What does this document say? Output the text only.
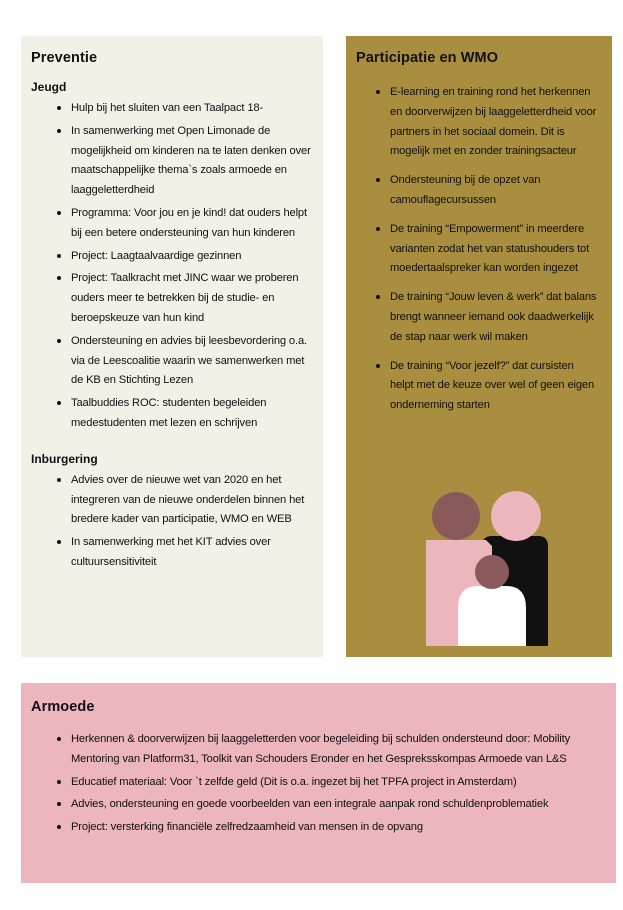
Preventie
Jeugd
• Hulp bij het sluiten van een Taalpact 18-
• In samenwerking met Open Limonade de mogelijkheid om kinderen na te laten denken over maatschappelijke thema`s zoals armoede en laaggeletterdheid
• Programma: Voor jou en je kind! dat ouders helpt bij een betere ondersteuning van hun kinderen
• Project: Laagtaalvaardige gezinnen
• Project: Taalkracht met JINC waar we proberen ouders meer te betrekken bij de studie- en beroepskeuze van hun kind
• Ondersteuning en advies bij leesbevordering o.a. via de Leescoalitie waarin we samenwerken met de KB en Stichting Lezen
• Taalbuddies ROC: studenten begeleiden medestudenten met lezen en schrijven
Inburgering
• Advies over de nieuwe wet van 2020 en het integreren van de nieuwe onderdelen binnen het bredere kader van participatie, WMO en WEB
• In samenwerking met het KIT advies over cultuursensitiviteit
Participatie en WMO
• E-learning en training rond het herkennen en doorverwijzen bij laaggeletterdheid voor partners in het sociaal domein. Dit is mogelijk met en zonder trainingsacteur
• Ondersteuning bij de opzet van camouflagecursussen
• De training “Empowerment” in meerdere varianten zodat het van statushouders tot moedertaalspreker kan worden ingezet
• De training “Jouw leven & werk” dat balans brengt wanneer iemand ook daadwerkelijk de stap naar werk wil maken
• De training “Voor jezelf?” dat cursisten helpt met de keuze over wel of geen eigen onderneming starten
Armoede
• Herkennen & doorverwijzen bij laaggeletterden voor begeleiding bij schulden ondersteund door: Mobility Mentoring van Platform31, Toolkit van Schouders Eronder en het Gespreksskompas Armoede van L&S
• Educatief materiaal: Voor `t zelfde geld (Dit is o.a. ingezet bij het TPFA project in Amsterdam)
• Advies, ondersteuning en goede voorbeelden van een integrale aanpak rond schuldenproblematiek
• Project: versterking financiële zelfredzaamheid van mensen in de opvang
